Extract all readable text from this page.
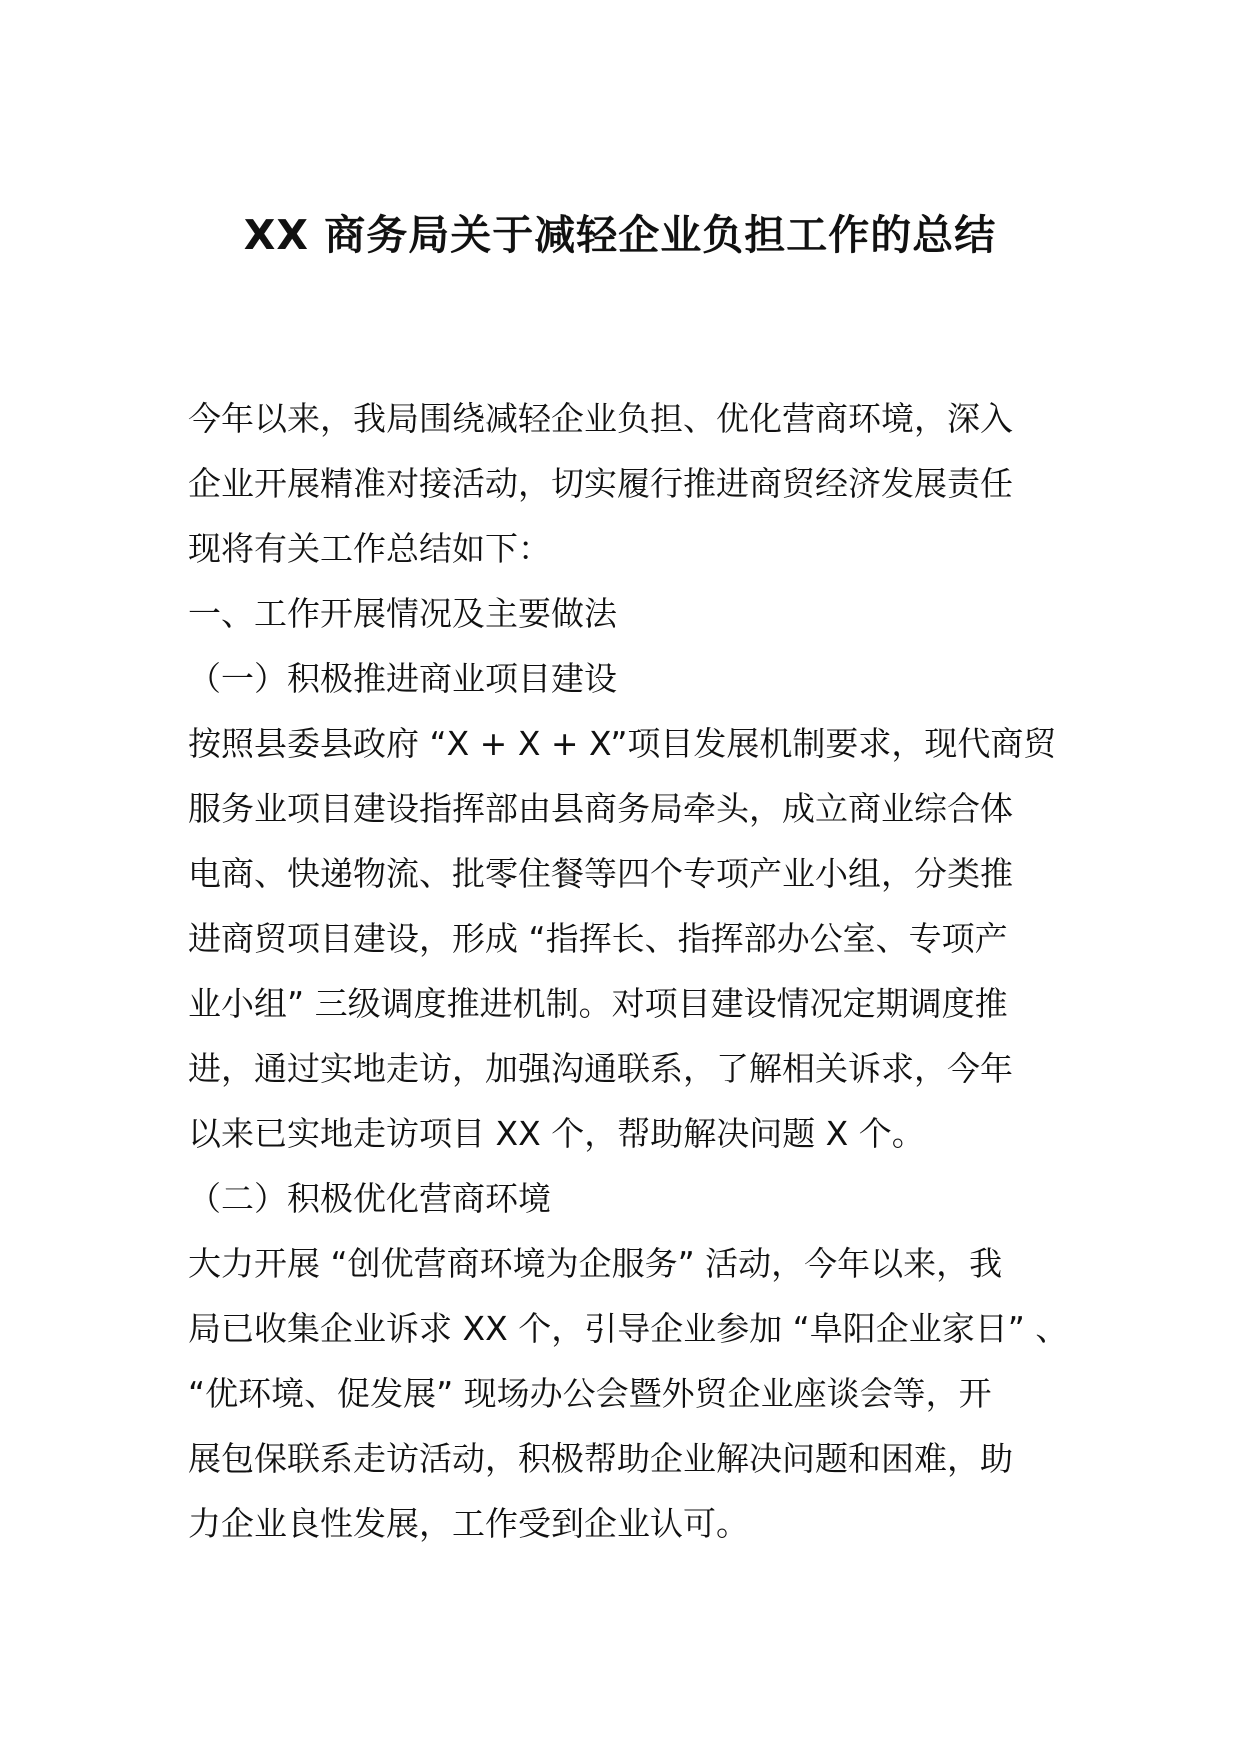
XX 商务局关于减轻企业负担工作的总结

今年以来，我局围绕减轻企业负担、优化营商环境，深入

企业开展精准对接活动，切实履行推进商贸经济发展责任

现将有关工作总结如下：

一、工作开展情况及主要做法

（一）积极推进商业项目建设

按照县委县政府 “X + X + X”项目发展机制要求，现代商贸

服务业项目建设指挥部由县商务局牵头，成立商业综合体

电商、快递物流、批零住餐等四个专项产业小组，分类推

进商贸项目建设，形成 “指挥长、指挥部办公室、专项产

业小组” 三级调度推进机制。对项目建设情况定期调度推

进，通过实地走访，加强沟通联系，了解相关诉求，今年

以来已实地走访项目 XX 个，帮助解决问题 X 个。

（二）积极优化营商环境

大力开展 “创优营商环境为企服务” 活动，今年以来，我

局已收集企业诉求 XX 个，引导企业参加 “阜阳企业家日” 、

“优环境、促发展” 现场办公会暨外贸企业座谈会等，开

展包保联系走访活动，积极帮助企业解决问题和困难，助

力企业良性发展，工作受到企业认可。
